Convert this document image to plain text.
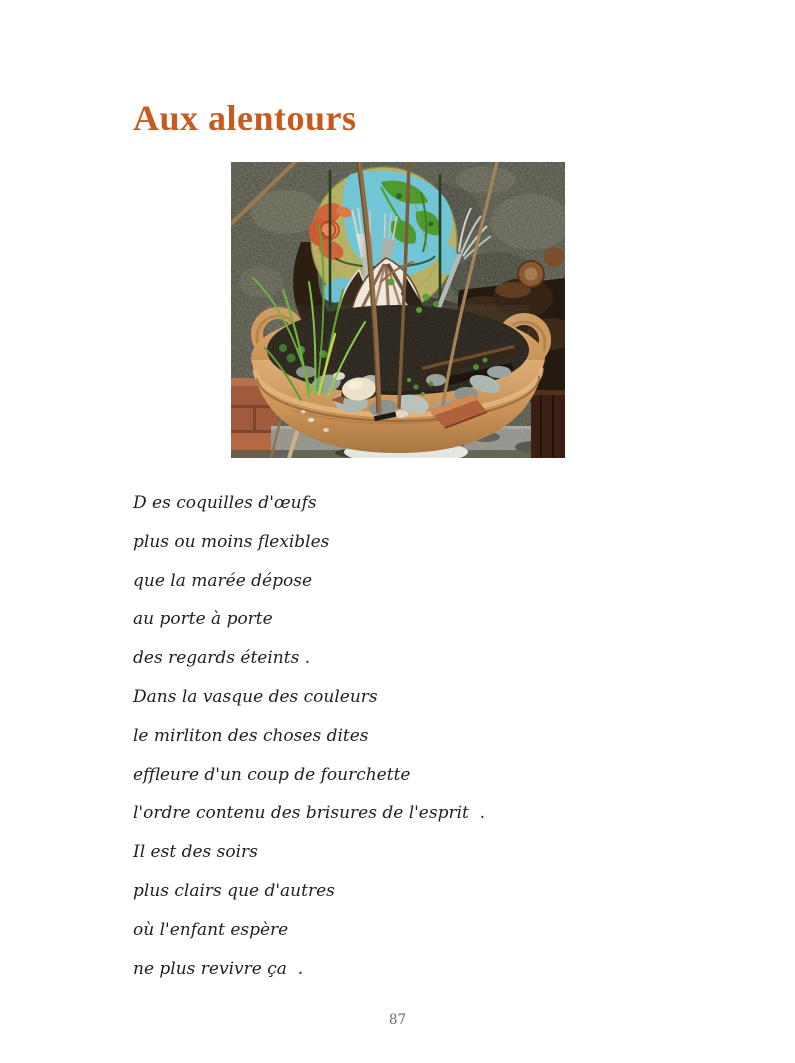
Aux alentours
D es coquilles d'œufs
plus ou moins flexibles
que la marée dépose
au porte à porte
des regards éteints .
Dans la vasque des couleurs
le mirliton des choses dites
effleure d'un coup de fourchette
l'ordre contenu des brisures de l'esprit  .
Il est des soirs
plus clairs que d'autres
où l'enfant espère
ne plus revivre ça  .
87
